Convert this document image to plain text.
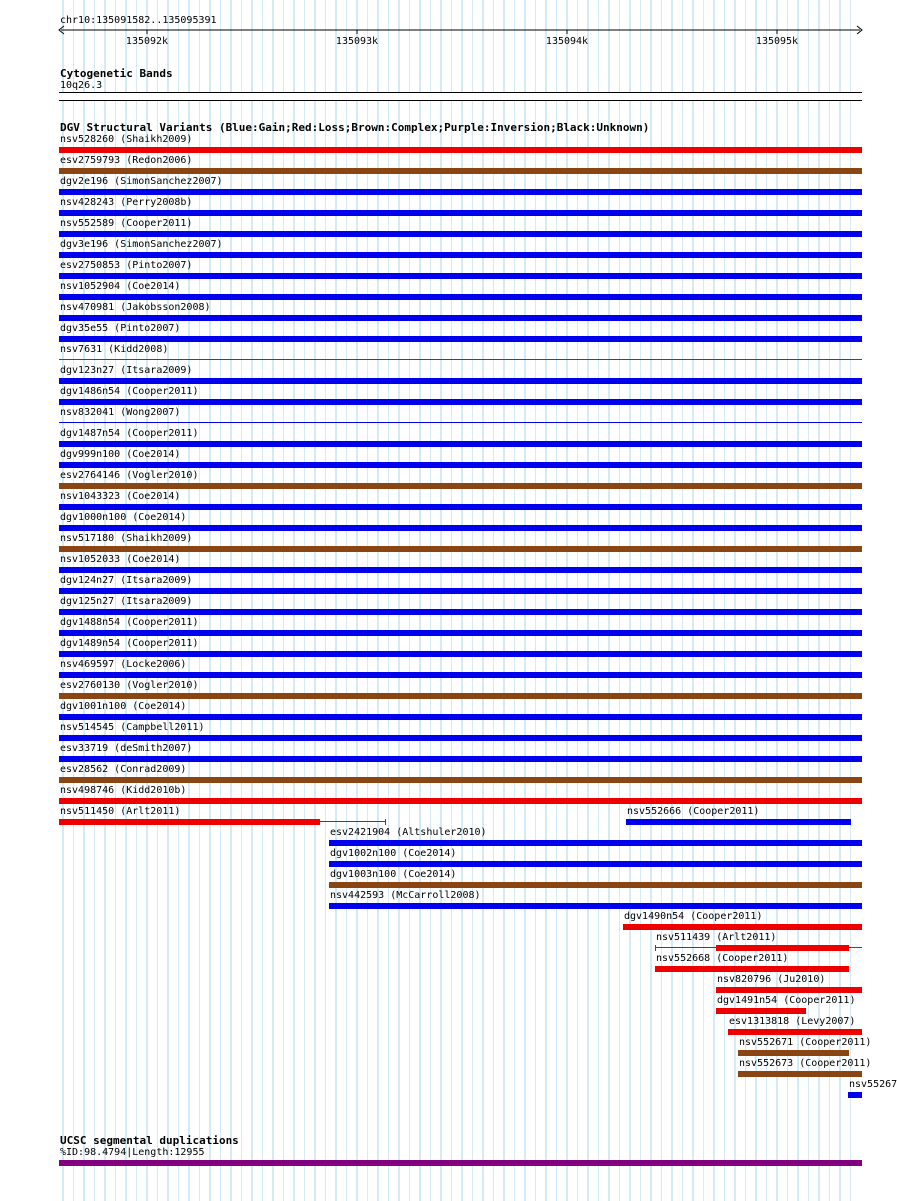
chr10:135091582..135095391
135092k	135093k	135094k	135095k
Cytogenetic Bands
10q26.3
DGV Structural Variants (Blue:Gain;Red:Loss;Brown:Complex;Purple:Inversion;Black:Unknown)
nsv528260 (Shaikh2009)
esv2759793 (Redon2006)
dgv2e196 (SimonSanchez2007)
nsv428243 (Perry2008b)
nsv552589 (Cooper2011)
dgv3e196 (SimonSanchez2007)
esv2750853 (Pinto2007)
nsv1052904 (Coe2014)
nsv470981 (Jakobsson2008)
dgv35e55 (Pinto2007)
nsv7631 (Kidd2008)
dgv123n27 (Itsara2009)
dgv1486n54 (Cooper2011)
nsv832041 (Wong2007)
dgv1487n54 (Cooper2011)
dgv999n100 (Coe2014)
esv2764146 (Vogler2010)
nsv1043323 (Coe2014)
dgv1000n100 (Coe2014)
nsv517180 (Shaikh2009)
nsv1052033 (Coe2014)
dgv124n27 (Itsara2009)
dgv125n27 (Itsara2009)
dgv1488n54 (Cooper2011)
dgv1489n54 (Cooper2011)
nsv469597 (Locke2006)
esv2760130 (Vogler2010)
dgv1001n100 (Coe2014)
nsv514545 (Campbell2011)
esv33719 (deSmith2007)
esv28562 (Conrad2009)
nsv498746 (Kidd2010b)
nsv511450 (Arlt2011)	nsv552666 (Cooper2011)
esv2421904 (Altshuler2010)
dgv1002n100 (Coe2014)
dgv1003n100 (Coe2014)
nsv442593 (McCarroll2008)
dgv1490n54 (Cooper2011)
nsv511439 (Arlt2011)
nsv552668 (Cooper2011)
nsv820796 (Ju2010)
dgv1491n54 (Cooper2011)
esv1313818 (Levy2007)
nsv552671 (Cooper2011)
nsv552673 (Cooper2011)
nsv55267
UCSC segmental duplications
%ID:98.4794|Length:12955
